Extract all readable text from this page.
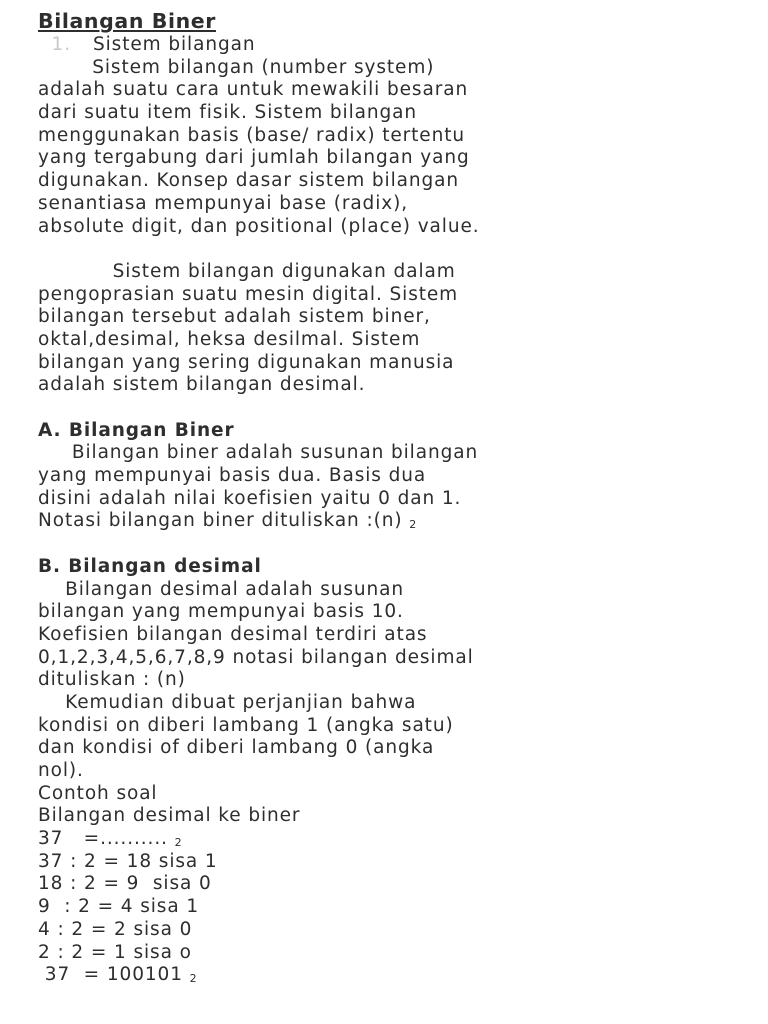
Bilangan Biner
1. Sistem bilangan
Sistem bilangan (number system)
adalah suatu cara untuk mewakili besaran
dari suatu item fisik. Sistem bilangan
menggunakan basis (base/ radix) tertentu
yang tergabung dari jumlah bilangan yang
digunakan. Konsep dasar sistem bilangan
senantiasa mempunyai base (radix),
absolute digit, dan positional (place) value.
Sistem bilangan digunakan dalam
pengoprasian suatu mesin digital. Sistem
bilangan tersebut adalah sistem biner,
oktal,desimal, heksa desilmal. Sistem
bilangan yang sering digunakan manusia
adalah sistem bilangan desimal.
A. Bilangan Biner
Bilangan biner adalah susunan bilangan
yang mempunyai basis dua. Basis dua
disini adalah nilai koefisien yaitu 0 dan 1.
Notasi bilangan biner dituliskan :(n) 2
B. Bilangan desimal
Bilangan desimal adalah susunan
bilangan yang mempunyai basis 10.
Koefisien bilangan desimal terdiri atas
0,1,2,3,4,5,6,7,8,9 notasi bilangan desimal
dituliskan : (n)
Kemudian dibuat perjanjian bahwa
kondisi on diberi lambang 1 (angka satu)
dan kondisi of diberi lambang 0 (angka
nol).
Contoh soal
Bilangan desimal ke biner
37   =.......... 2
37 : 2 = 18 sisa 1
18 : 2 = 9  sisa 0
9  : 2 = 4 sisa 1
4 : 2 = 2 sisa 0
2 : 2 = 1 sisa o
37  = 100101 2
